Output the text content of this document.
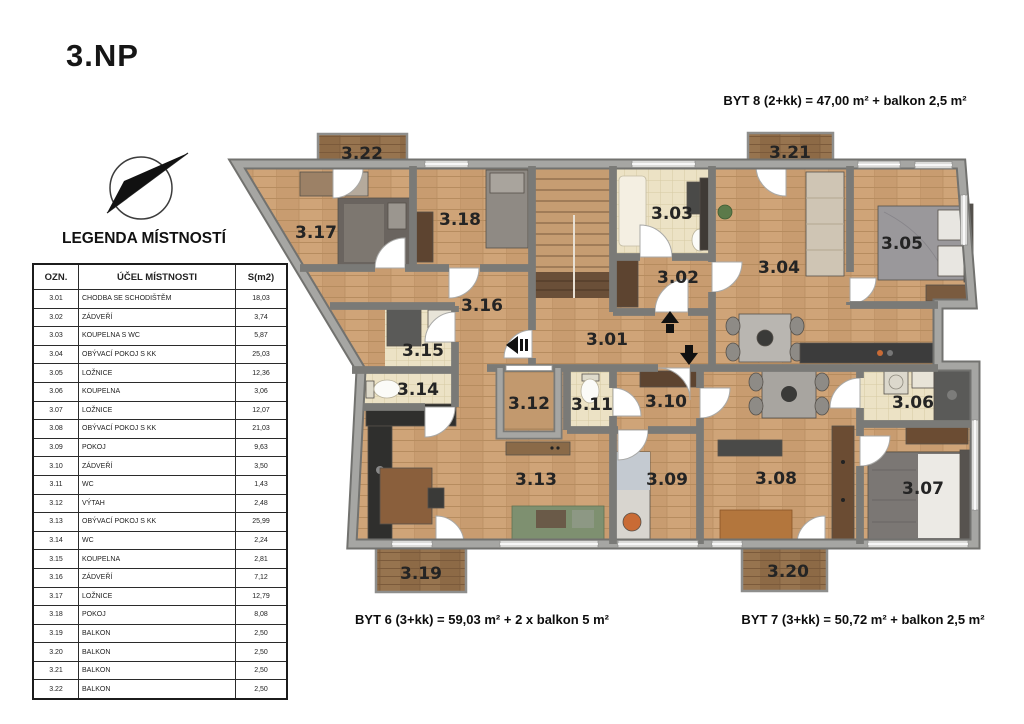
3.NP
BYT 8 (2+kk) = 47,00 m² + balkon 2,5 m²
BYT 6 (3+kk) = 59,03 m² + 2 x balkon 5 m²	BYT 7 (3+kk) = 50,72 m² + balkon 2,5 m²
LEGENDA MÍSTNOSTÍ
OZN.	ÚČEL MÍSTNOSTI	S(m2)
3.01	CHODBA SE SCHODIŠTĚM	18,03
3.02	ZÁDVEŘÍ	3,74
3.03	KOUPELNA S WC	5,87
3.04	OBÝVACÍ POKOJ S KK	25,03
3.05	LOŽNICE	12,36
3.06	KOUPELNA	3,06
3.07	LOŽNICE	12,07
3.08	OBÝVACÍ POKOJ S KK	21,03
3.09	POKOJ	9,63
3.10	ZÁDVEŘÍ	3,50
3.11	WC	1,43
3.12	VÝTAH	2,48
3.13	OBÝVACÍ POKOJ S KK	25,99
3.14	WC	2,24
3.15	KOUPELNA	2,81
3.16	ZÁDVEŘÍ	7,12
3.17	LOŽNICE	12,79
3.18	POKOJ	8,08
3.19	BALKON	2,50
3.20	BALKON	2,50
3.21	BALKON	2,50
3.22	BALKON	2,50
3.22	3.21
3.17
3.18	3.03
3.02	3.04
3.05
3.16
3.01
3.15
3.14
3.12 3.11 3.10	3.06
3.13	3.09	3.08	3.07
3.19	3.20
